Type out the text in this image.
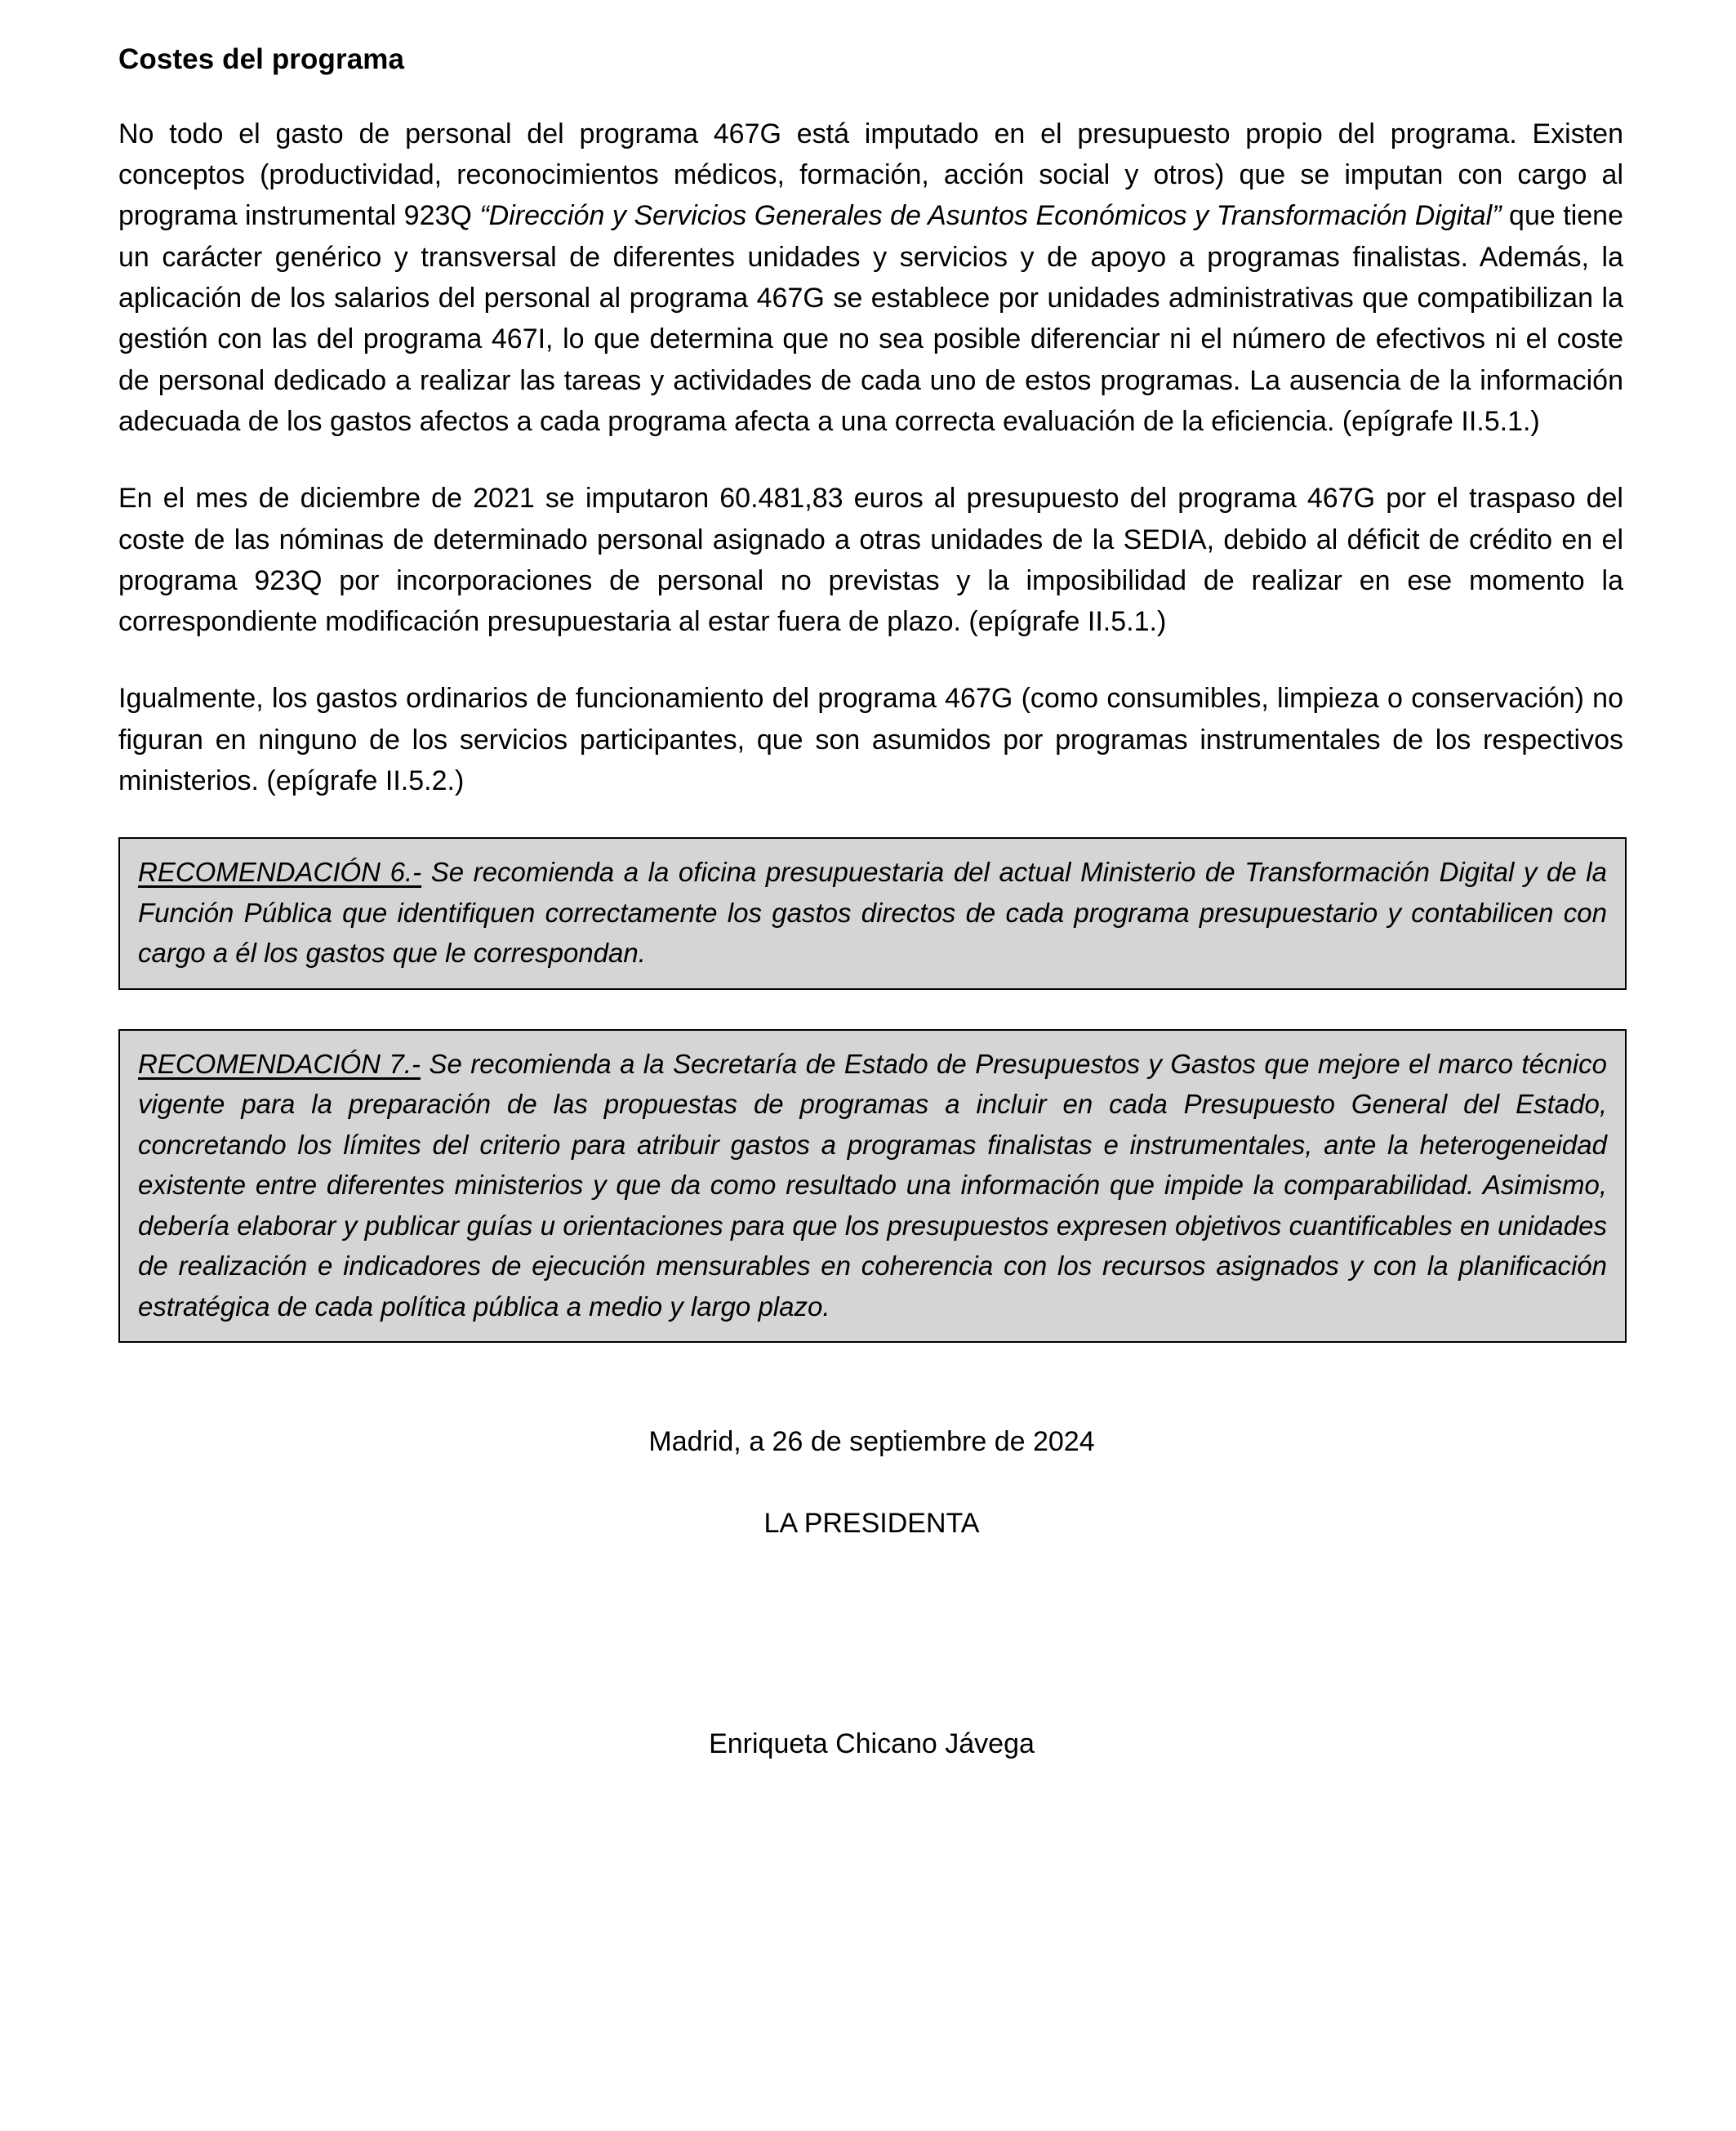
Costes del programa

No todo el gasto de personal del programa 467G está imputado en el presupuesto propio del programa. Existen conceptos (productividad, reconocimientos médicos, formación, acción social y otros) que se imputan con cargo al programa instrumental 923Q “Dirección y Servicios Generales de Asuntos Económicos y Transformación Digital” que tiene un carácter genérico y transversal de diferentes unidades y servicios y de apoyo a programas finalistas. Además, la aplicación de los salarios del personal al programa 467G se establece por unidades administrativas que compatibilizan la gestión con las del programa 467I, lo que determina que no sea posible diferenciar ni el número de efectivos ni el coste de personal dedicado a realizar las tareas y actividades de cada uno de estos programas. La ausencia de la información adecuada de los gastos afectos a cada programa afecta a una correcta evaluación de la eficiencia. (epígrafe II.5.1.)

En el mes de diciembre de 2021 se imputaron 60.481,83 euros al presupuesto del programa 467G por el traspaso del coste de las nóminas de determinado personal asignado a otras unidades de la SEDIA, debido al déficit de crédito en el programa 923Q por incorporaciones de personal no previstas y la imposibilidad de realizar en ese momento la correspondiente modificación presupuestaria al estar fuera de plazo. (epígrafe II.5.1.)

Igualmente, los gastos ordinarios de funcionamiento del programa 467G (como consumibles, limpieza o conservación) no figuran en ninguno de los servicios participantes, que son asumidos por programas instrumentales de los respectivos ministerios. (epígrafe II.5.2.)

RECOMENDACIÓN 6.- Se recomienda a la oficina presupuestaria del actual Ministerio de Transformación Digital y de la Función Pública que identifiquen correctamente los gastos directos de cada programa presupuestario y contabilicen con cargo a él los gastos que le correspondan.

RECOMENDACIÓN 7.- Se recomienda a la Secretaría de Estado de Presupuestos y Gastos que mejore el marco técnico vigente para la preparación de las propuestas de programas a incluir en cada Presupuesto General del Estado, concretando los límites del criterio para atribuir gastos a programas finalistas e instrumentales, ante la heterogeneidad existente entre diferentes ministerios y que da como resultado una información que impide la comparabilidad. Asimismo, debería elaborar y publicar guías u orientaciones para que los presupuestos expresen objetivos cuantificables en unidades de realización e indicadores de ejecución mensurables en coherencia con los recursos asignados y con la planificación estratégica de cada política pública a medio y largo plazo.

Madrid, a 26 de septiembre de 2024

LA PRESIDENTA

Enriqueta Chicano Jávega
